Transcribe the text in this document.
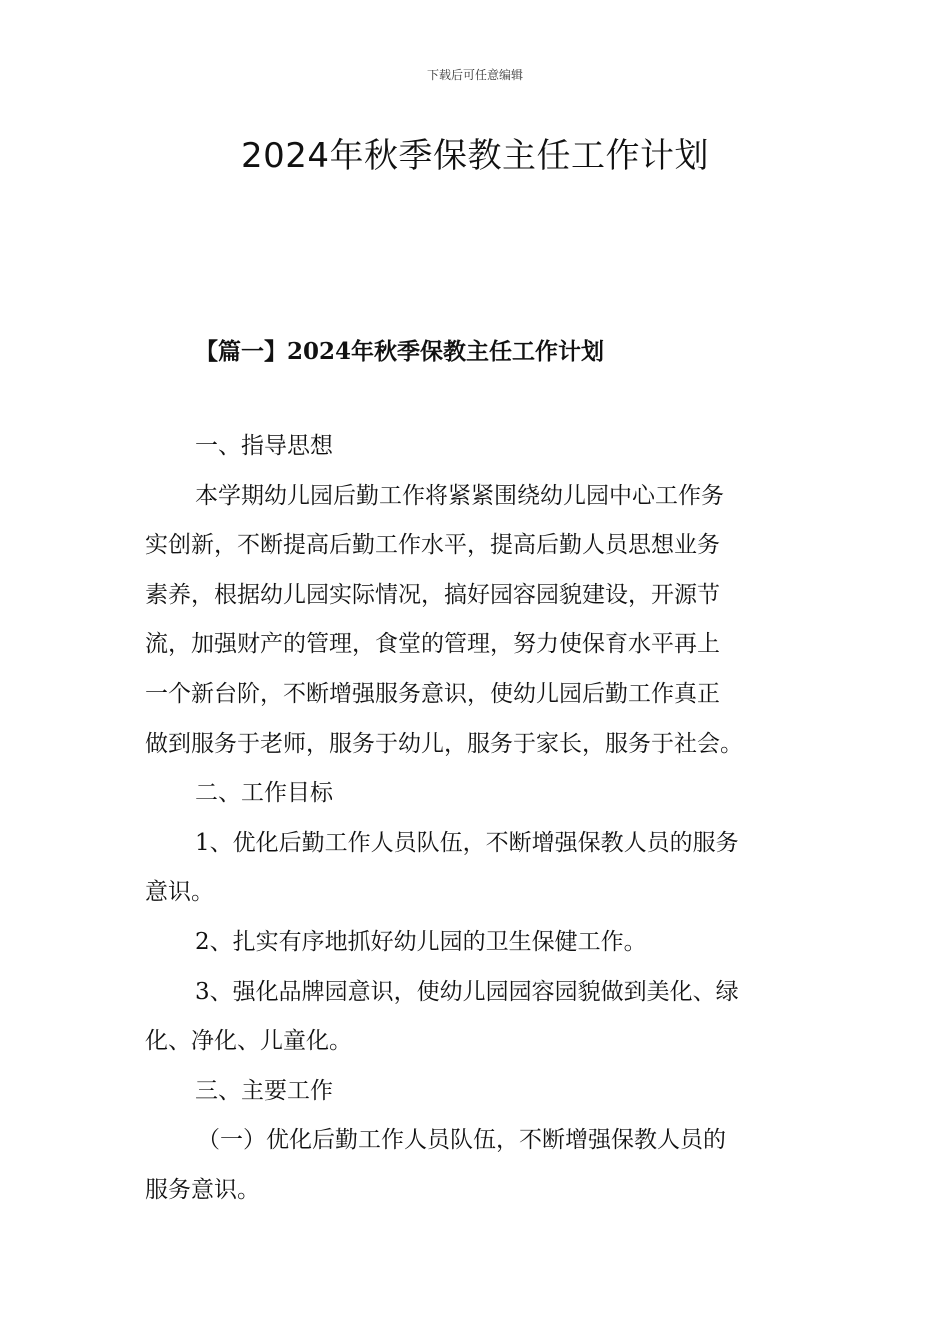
下载后可任意编辑
2024年秋季保教主任工作计划
【篇一】2024年秋季保教主任工作计划

一、指导思想

本学期幼儿园后勤工作将紧紧围绕幼儿园中心工作务

实创新，不断提高后勤工作水平，提高后勤人员思想业务

素养，根据幼儿园实际情况，搞好园容园貌建设，开源节

流，加强财产的管理，食堂的管理，努力使保育水平再上

一个新台阶，不断增强服务意识，使幼儿园后勤工作真正

做到服务于老师，服务于幼儿，服务于家长，服务于社会。

二、工作目标

1、优化后勤工作人员队伍，不断增强保教人员的服务

意识。

2、扎实有序地抓好幼儿园的卫生保健工作。

3、强化品牌园意识，使幼儿园园容园貌做到美化、绿

化、净化、儿童化。

三、主要工作

（一）优化后勤工作人员队伍，不断增强保教人员的

服务意识。
